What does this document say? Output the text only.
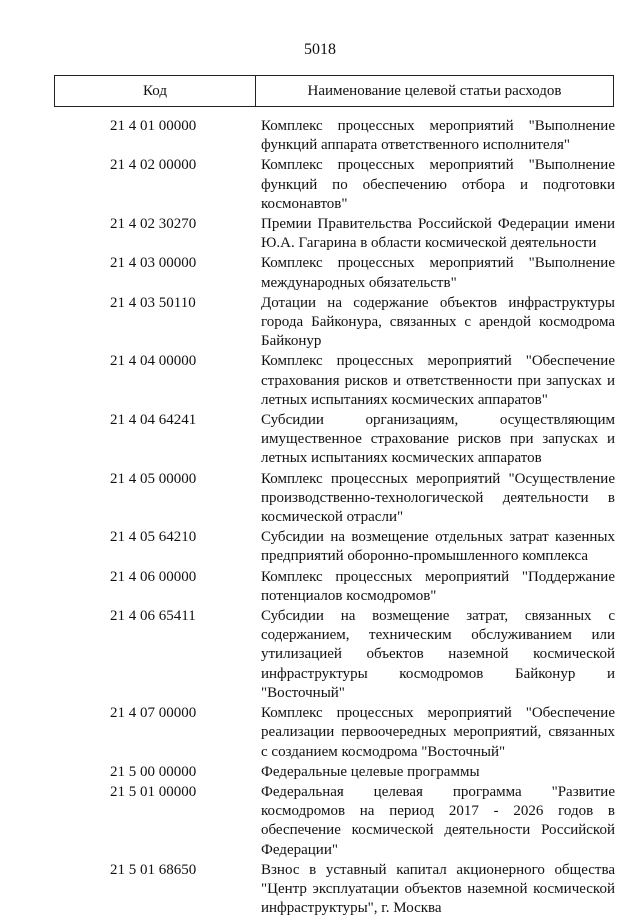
5018
Код	Наименование целевой статьи расходов
21 4 01 00000	Комплекс процессных мероприятий "Выполнение функций аппарата ответственного исполнителя"
21 4 02 00000	Комплекс процессных мероприятий "Выполнение функций по обеспечению отбора и подготовки космонавтов"
21 4 02 30270	Премии Правительства Российской Федерации имени Ю.А. Гагарина в области космической деятельности
21 4 03 00000	Комплекс процессных мероприятий "Выполнение международных обязательств"
21 4 03 50110	Дотации на содержание объектов инфраструктуры города Байконура, связанных с арендой космодрома Байконур
21 4 04 00000	Комплекс процессных мероприятий "Обеспечение страхования рисков и ответственности при запусках и летных испытаниях космических аппаратов"
21 4 04 64241	Субсидии организациям, осуществляющим имущественное страхование рисков при запусках и летных испытаниях космических аппаратов
21 4 05 00000	Комплекс процессных мероприятий "Осуществление производственно-технологической деятельности в космической отрасли"
21 4 05 64210	Субсидии на возмещение отдельных затрат казенных предприятий оборонно-промышленного комплекса
21 4 06 00000	Комплекс процессных мероприятий "Поддержание потенциалов космодромов"
21 4 06 65411	Субсидии на возмещение затрат, связанных с содержанием, техническим обслуживанием или утилизацией объектов наземной космической инфраструктуры космодромов Байконур и "Восточный"
21 4 07 00000	Комплекс процессных мероприятий "Обеспечение реализации первоочередных мероприятий, связанных с созданием космодрома "Восточный"
21 5 00 00000	Федеральные целевые программы
21 5 01 00000	Федеральная целевая программа "Развитие космодромов на период 2017 - 2026 годов в обеспечение космической деятельности Российской Федерации"
21 5 01 68650	Взнос в уставный капитал акционерного общества "Центр эксплуатации объектов наземной космической инфраструктуры", г. Москва
